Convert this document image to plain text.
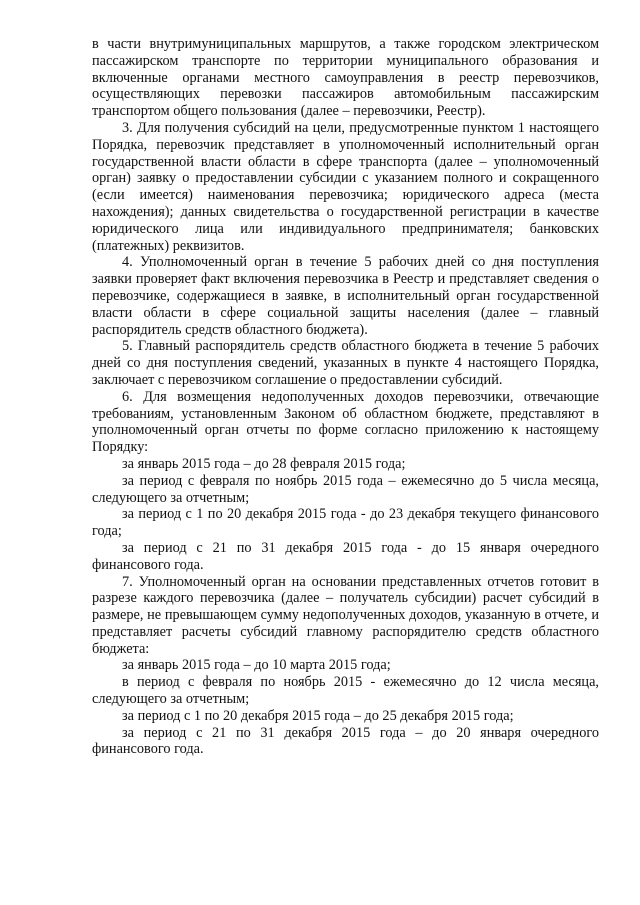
в части внутримуниципальных маршрутов, а также городском электрическом пассажирском транспорте по территории муниципального образования и включенные органами местного самоуправления в реестр перевозчиков, осуществляющих перевозки пассажиров автомобильным пассажирским транспортом общего пользования (далее – перевозчики, Реестр).

3. Для получения субсидий на цели, предусмотренные пунктом 1 настоящего Порядка, перевозчик представляет в уполномоченный исполнительный орган государственной власти области в сфере транспорта (далее – уполномоченный орган) заявку о предоставлении субсидии с указанием полного и сокращенного (если имеется) наименования перевозчика; юридического адреса (места нахождения); данных свидетельства о государственной регистрации в качестве юридического лица или индивидуального предпринимателя; банковских (платежных) реквизитов.

4. Уполномоченный орган в течение 5 рабочих дней со дня поступления заявки проверяет факт включения перевозчика в Реестр и представляет сведения о перевозчике, содержащиеся в заявке, в исполнительный орган государственной власти области в сфере социальной защиты населения (далее – главный распорядитель средств областного бюджета).

5. Главный распорядитель средств областного бюджета в течение 5 рабочих дней со дня поступления сведений, указанных в пункте 4 настоящего Порядка, заключает с перевозчиком соглашение о предоставлении субсидий.

6. Для возмещения недополученных доходов перевозчики, отвечающие требованиям, установленным Законом об областном бюджете, представляют в уполномоченный орган отчеты по форме согласно приложению к настоящему Порядку:

за январь 2015 года – до 28 февраля 2015 года;

за период с февраля по ноябрь 2015 года – ежемесячно до 5 числа месяца, следующего за отчетным;

за период с 1 по 20 декабря 2015 года - до 23 декабря текущего финансового года;

за период с 21 по 31 декабря 2015 года - до 15 января очередного финансового года.

7. Уполномоченный орган на основании представленных отчетов готовит в разрезе каждого перевозчика (далее – получатель субсидии) расчет субсидий в размере, не превышающем сумму недополученных доходов, указанную в отчете, и представляет расчеты субсидий главному распорядителю средств областного бюджета:

за январь 2015 года – до 10 марта 2015 года;

в период с февраля по ноябрь 2015 - ежемесячно до 12 числа месяца, следующего за отчетным;

за период с 1 по 20 декабря 2015 года – до 25 декабря 2015 года;

за период с 21 по 31 декабря 2015 года – до 20 января очередного финансового года.
